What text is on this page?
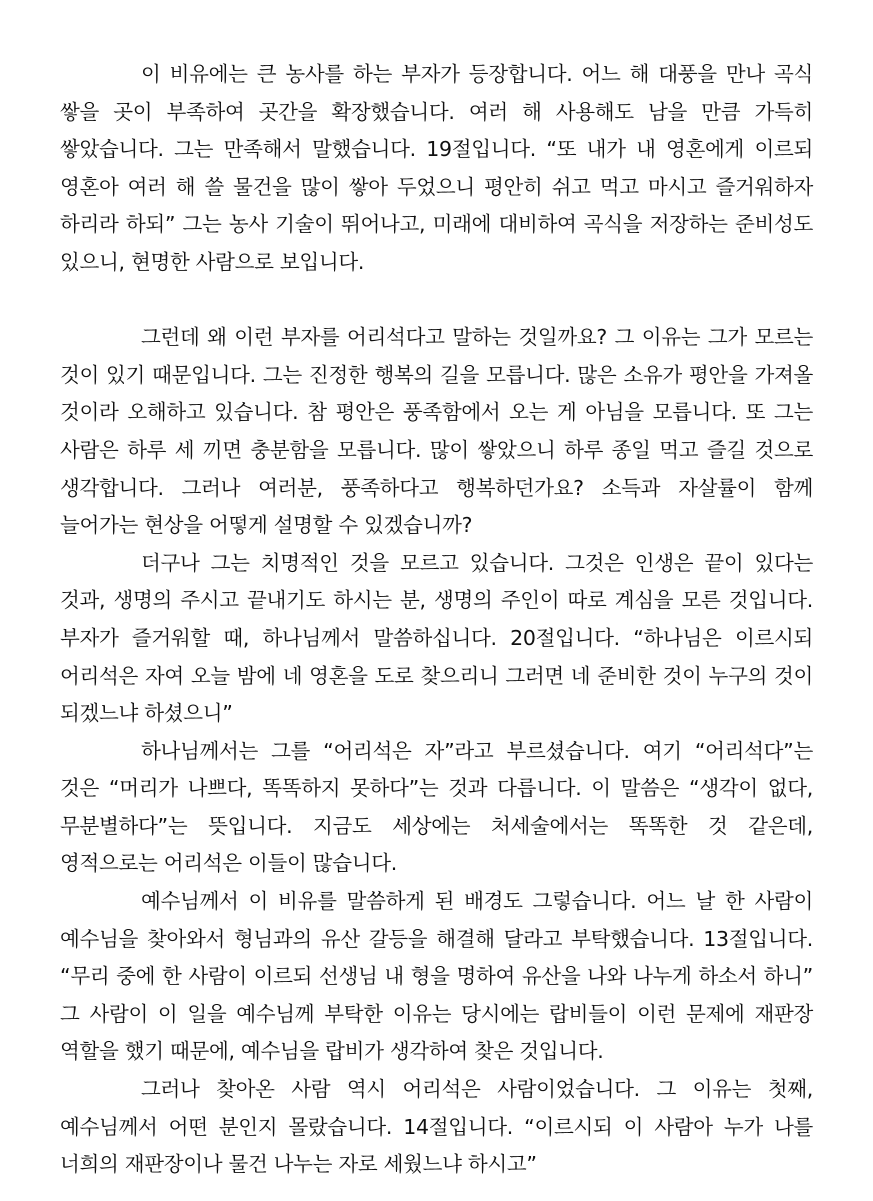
이 비유에는 큰 농사를 하는 부자가 등장합니다. 어느 해 대풍을 만나 곡식 쌓을 곳이 부족하여 곳간을 확장했습니다. 여러 해 사용해도 남을 만큼 가득히 쌓았습니다. 그는 만족해서 말했습니다. 19절입니다. “또 내가 내 영혼에게 이르되 영혼아 여러 해 쓸 물건을 많이 쌓아 두었으니 평안히 쉬고 먹고 마시고 즐거워하자 하리라 하되” 그는 농사 기술이 뛰어나고, 미래에 대비하여 곡식을 저장하는 준비성도 있으니, 현명한 사람으로 보입니다.

그런데 왜 이런 부자를 어리석다고 말하는 것일까요? 그 이유는 그가 모르는 것이 있기 때문입니다. 그는 진정한 행복의 길을 모릅니다. 많은 소유가 평안을 가져올 것이라 오해하고 있습니다. 참 평안은 풍족함에서 오는 게 아님을 모릅니다. 또 그는 사람은 하루 세 끼면 충분함을 모릅니다. 많이 쌓았으니 하루 종일 먹고 즐길 것으로 생각합니다. 그러나 여러분, 풍족하다고 행복하던가요? 소득과 자살률이 함께 늘어가는 현상을 어떻게 설명할 수 있겠습니까?

더구나 그는 치명적인 것을 모르고 있습니다. 그것은 인생은 끝이 있다는 것과, 생명의 주시고 끝내기도 하시는 분, 생명의 주인이 따로 계심을 모른 것입니다. 부자가 즐거워할 때, 하나님께서 말씀하십니다. 20절입니다. “하나님은 이르시되 어리석은 자여 오늘 밤에 네 영혼을 도로 찾으리니 그러면 네 준비한 것이 누구의 것이 되겠느냐 하셨으니”

하나님께서는 그를 “어리석은 자”라고 부르셨습니다. 여기 “어리석다”는 것은 “머리가 나쁘다, 똑똑하지 못하다”는 것과 다릅니다. 이 말씀은 “생각이 없다, 무분별하다”는 뜻입니다. 지금도 세상에는 처세술에서는 똑똑한 것 같은데, 영적으로는 어리석은 이들이 많습니다.

예수님께서 이 비유를 말씀하게 된 배경도 그렇습니다. 어느 날 한 사람이 예수님을 찾아와서 형님과의 유산 갈등을 해결해 달라고 부탁했습니다. 13절입니다. “무리 중에 한 사람이 이르되 선생님 내 형을 명하여 유산을 나와 나누게 하소서 하니” 그 사람이 이 일을 예수님께 부탁한 이유는 당시에는 랍비들이 이런 문제에 재판장 역할을 했기 때문에, 예수님을 랍비가 생각하여 찾은 것입니다.

그러나 찾아온 사람 역시 어리석은 사람이었습니다. 그 이유는 첫째, 예수님께서 어떤 분인지 몰랐습니다. 14절입니다. “이르시되 이 사람아 누가 나를 너희의 재판장이나 물건 나누는 자로 세웠느냐 하시고”
